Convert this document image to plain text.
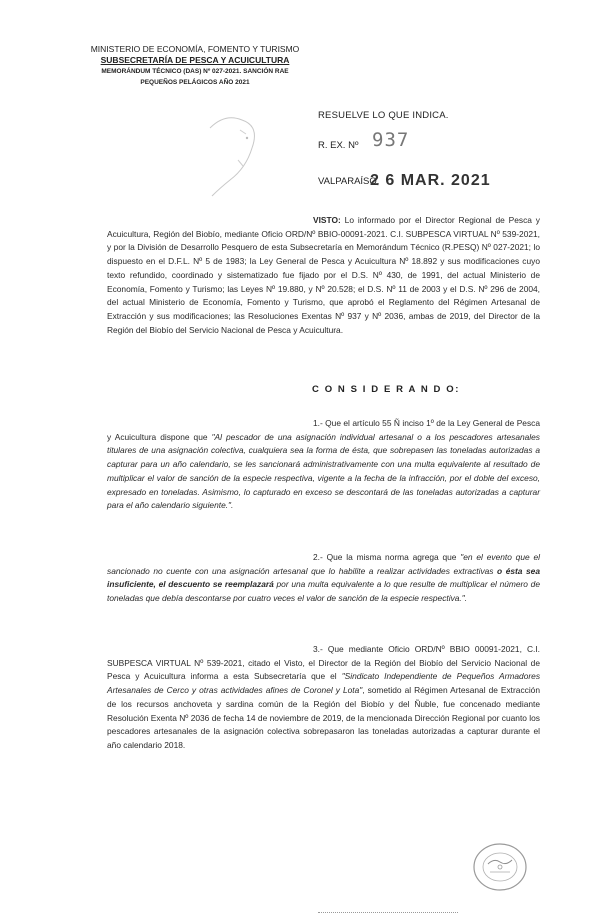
MINISTERIO DE ECONOMÍA, FOMENTO Y TURISMO
SUBSECRETARÍA DE PESCA Y ACUICULTURA
MEMORÁNDUM TÉCNICO (DAS) Nº 027-2021. SANCIÓN RAE
PEQUEÑOS PELÁGICOS AÑO 2021
RESUELVE LO QUE INDICA.
R. EX. Nº 937
VALPARAÍSO,
2 6 MAR. 2021
VISTO: Lo informado por el Director Regional de Pesca y Acuicultura, Región del Biobío, mediante Oficio ORD/Nº BBIO-00091-2021. C.I. SUBPESCA VIRTUAL Nº 539-2021, y por la División de Desarrollo Pesquero de esta Subsecretaría en Memorándum Técnico (R.PESQ) Nº 027-2021; lo dispuesto en el D.F.L. Nº 5 de 1983; la Ley General de Pesca y Acuicultura Nº 18.892 y sus modificaciones cuyo texto refundido, coordinado y sistematizado fue fijado por el D.S. Nº 430, de 1991, del actual Ministerio de Economía, Fomento y Turismo; las Leyes Nº 19.880, y Nº 20.528; el D.S. Nº 11 de 2003 y el D.S. Nº 296 de 2004, del actual Ministerio de Economía, Fomento y Turismo, que aprobó el Reglamento del Régimen Artesanal de Extracción y sus modificaciones; las Resoluciones Exentas Nº 937 y Nº 2036, ambas de 2019, del Director de la Región del Biobío del Servicio Nacional de Pesca y Acuicultura.
C O N S I D E R A N D O:
1.- Que el artículo 55 Ñ inciso 1º de la Ley General de Pesca y Acuicultura dispone que "Al pescador de una asignación individual artesanal o a los pescadores artesanales titulares de una asignación colectiva, cualquiera sea la forma de ésta, que sobrepasen las toneladas autorizadas a capturar para un año calendario, se les sancionará administrativamente con una multa equivalente al resultado de multiplicar el valor de sanción de la especie respectiva, vigente a la fecha de la infracción, por el doble del exceso, expresado en toneladas. Asimismo, lo capturado en exceso se descontará de las toneladas autorizadas a capturar para el año calendario siguiente.".
2.- Que la misma norma agrega que "en el evento que el sancionado no cuente con una asignación artesanal que lo habilite a realizar actividades extractivas o ésta sea insuficiente, el descuento se reemplazará por una multa equivalente a lo que resulte de multiplicar el número de toneladas que debía descontarse por cuatro veces el valor de sanción de la especie respectiva.".
3.- Que mediante Oficio ORD/Nº BBIO 00091-2021, C.I. SUBPESCA VIRTUAL Nº 539-2021, citado el Visto, el Director de la Región del Biobío del Servicio Nacional de Pesca y Acuicultura informa a esta Subsecretaría que el "Sindicato Independiente de Pequeños Armadores Artesanales de Cerco y otras actividades afines de Coronel y Lota", sometido al Régimen Artesanal de Extracción de los recursos anchoveta y sardina común de la Región del Biobío y del Ñuble, fue concenado mediante Resolución Exenta Nº 2036 de fecha 14 de noviembre de 2019, de la mencionada Dirección Regional por cuanto los pescadores artesanales de la asignación colectiva sobrepasaron las toneladas autorizadas a capturar durante el año calendario 2018.
